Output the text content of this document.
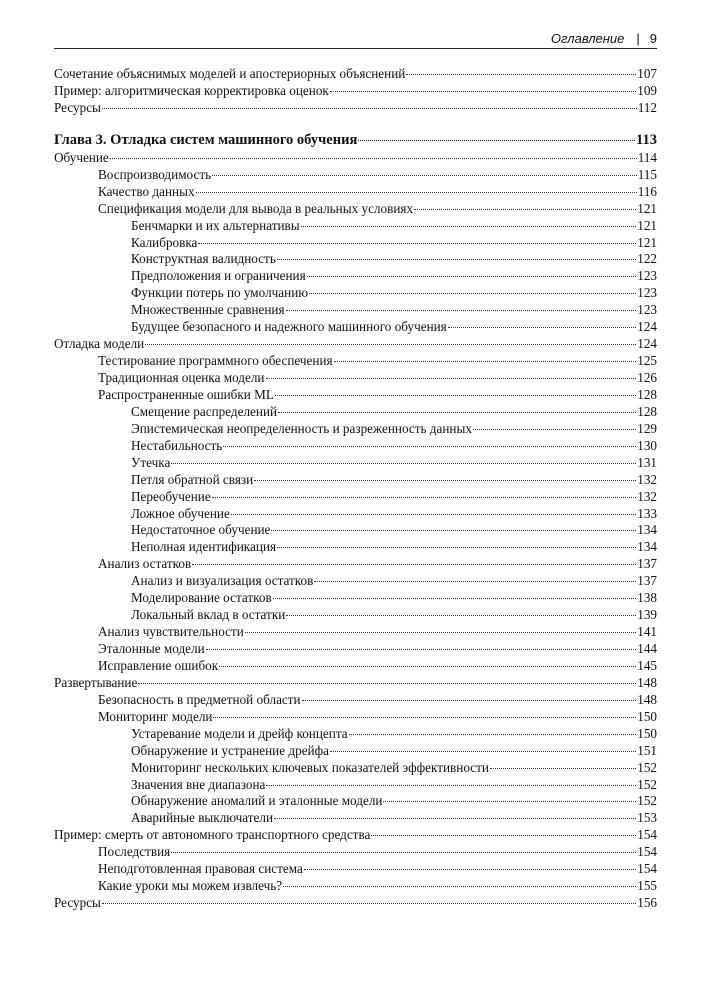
Оглавление | 9
Сочетание объяснимых моделей и апостериорных объяснений	107
Пример: алгоритмическая корректировка оценок	109
Ресурсы	112
Глава 3. Отладка систем машинного обучения	113
Обучение	114
Воспроизводимость	115
Качество данных	116
Спецификация модели для вывода в реальных условиях	121
Бенчмарки и их альтернативы	121
Калибровка	121
Конструктная валидность	122
Предположения и ограничения	123
Функции потерь по умолчанию	123
Множественные сравнения	123
Будущее безопасного и надежного машинного обучения	124
Отладка модели	124
Тестирование программного обеспечения	125
Традиционная оценка модели	126
Распространенные ошибки ML	128
Смещение распределений	128
Эпистемическая неопределенность и разреженность данных	129
Нестабильность	130
Утечка	131
Петля обратной связи	132
Переобучение	132
Ложное обучение	133
Недостаточное обучение	134
Неполная идентификация	134
Анализ остатков	137
Анализ и визуализация остатков	137
Моделирование остатков	138
Локальный вклад в остатки	139
Анализ чувствительности	141
Эталонные модели	144
Исправление ошибок	145
Развертывание	148
Безопасность в предметной области	148
Мониторинг модели	150
Устаревание модели и дрейф концепта	150
Обнаружение и устранение дрейфа	151
Мониторинг нескольких ключевых показателей эффективности	152
Значения вне диапазона	152
Обнаружение аномалий и эталонные модели	152
Аварийные выключатели	153
Пример: смерть от автономного транспортного средства	154
Последствия	154
Неподготовленная правовая система	154
Какие уроки мы можем извлечь?	155
Ресурсы	156
